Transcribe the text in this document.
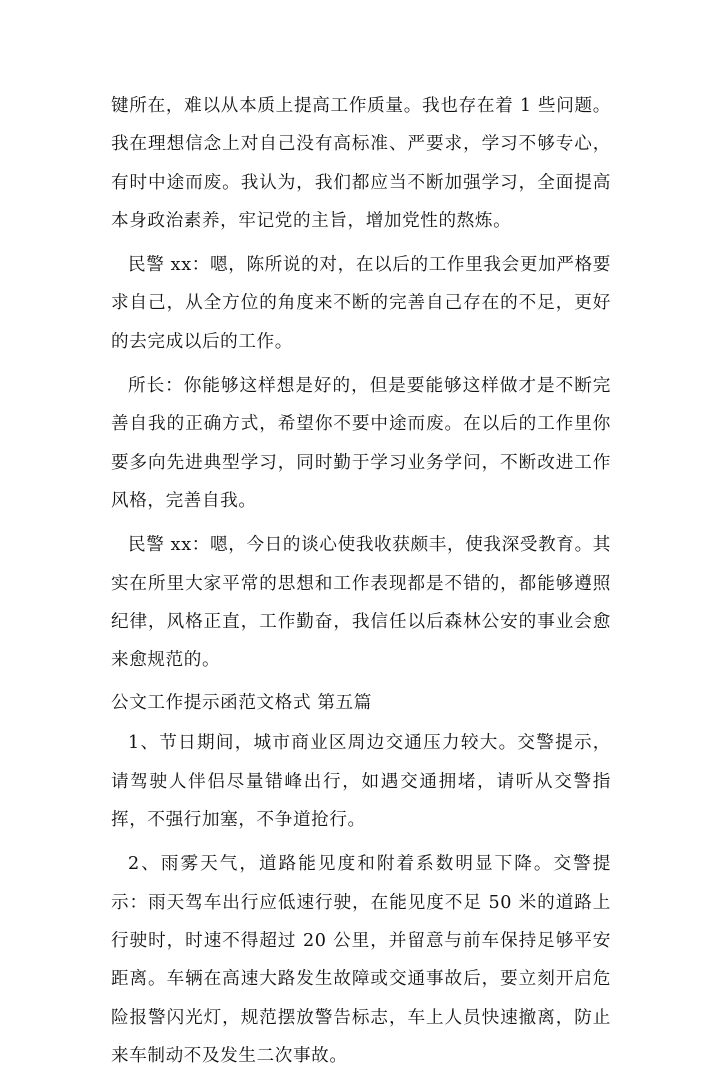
键所在，难以从本质上提高工作质量。我也存在着 1 些问题。我在理想信念上对自己没有高标准、严要求，学习不够专心，有时中途而废。我认为，我们都应当不断加强学习，全面提高本身政治素养，牢记党的主旨，增加党性的熬炼。

民警 xx：嗯，陈所说的对，在以后的工作里我会更加严格要求自己，从全方位的角度来不断的完善自己存在的不足，更好的去完成以后的工作。

所长：你能够这样想是好的，但是要能够这样做才是不断完善自我的正确方式，希望你不要中途而废。在以后的工作里你要多向先进典型学习，同时勤于学习业务学问，不断改进工作风格，完善自我。

民警 xx：嗯，今日的谈心使我收获颇丰，使我深受教育。其实在所里大家平常的思想和工作表现都是不错的，都能够遵照纪律，风格正直，工作勤奋，我信任以后森林公安的事业会愈来愈规范的。

公文工作提示函范文格式 第五篇

1、节日期间，城市商业区周边交通压力较大。交警提示，请驾驶人伴侣尽量错峰出行，如遇交通拥堵，请听从交警指挥，不强行加塞，不争道抢行。

2、雨雾天气，道路能见度和附着系数明显下降。交警提示：雨天驾车出行应低速行驶，在能见度不足 50 米的道路上行驶时，时速不得超过 20 公里，并留意与前车保持足够平安距离。车辆在高速大路发生故障或交通事故后，要立刻开启危险报警闪光灯，规范摆放警告标志，车上人员快速撤离，防止来车制动不及发生二次事故。
